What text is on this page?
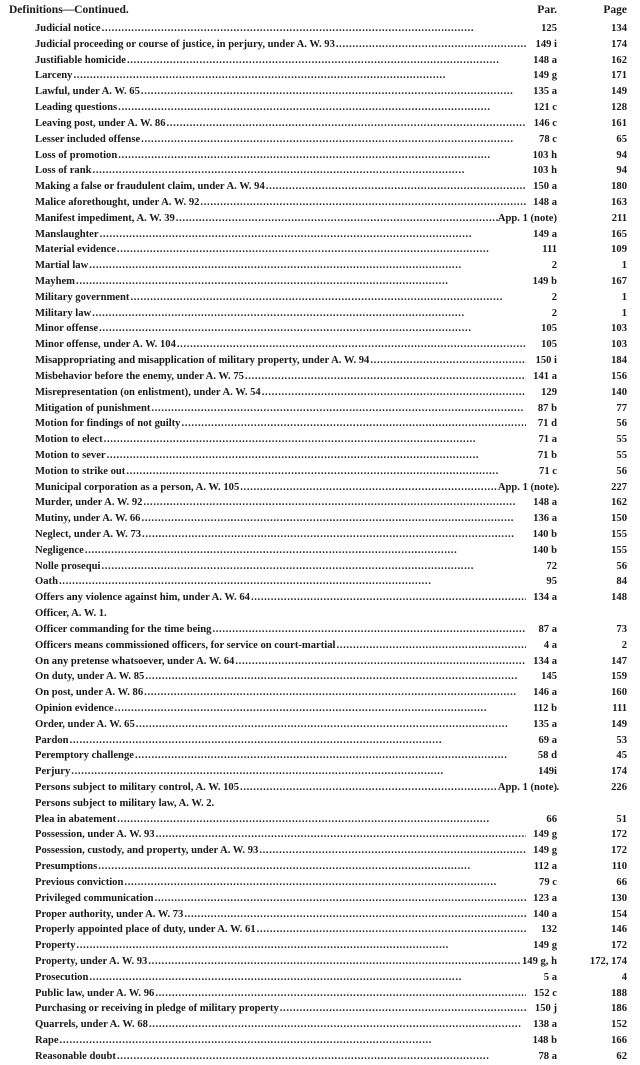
Definitions—Continued.	Par.	Page
Judicial notice . . .	125	134
Judicial proceeding or course of justice, in perjury, under A. W. 93 . . .	149 i	174
Justifiable homicide . . .	148 a	162
Larceny . . .	149 g	171
Lawful, under A. W. 65 . . .	135 a	149
Leading questions . . .	121 c	128
Leaving post, under A. W. 86 . . .	146 c	161
Lesser included offense . . .	78 c	65
Loss of promotion . . .	103 h	94
Loss of rank . . .	103 h	94
Making a false or fraudulent claim, under A. W. 94 . . .	150 a	180
Malice aforethought, under A. W. 92 . . .	148 a	163
Manifest impediment, A. W. 39 . . .	App. 1 (note)	211
Manslaughter . . .	149 a	165
Material evidence . . .	111	109
Martial law . . .	2	1
Mayhem . . .	149 b	167
Military government . . .	2	1
Military law . . .	2	1
Minor offense . . .	105	103
Minor offense, under A. W. 104 . . .	105	103
Misappropriating and misapplication of military property, under A. W. 94 . . .	150 i	184
Misbehavior before the enemy, under A. W. 75 . . .	141 a	156
Misrepresentation (on enlistment), under A. W. 54 . . .	129	140
Mitigation of punishment . . .	87 b	77
Motion for findings of not guilty . . .	71 d	56
Motion to elect . . .	71 a	55
Motion to sever . . .	71 b	55
Motion to strike out . . .	71 c	56
Municipal corporation as a person, A. W. 105 . . .	App. 1 (note)	227
Murder, under A. W. 92 . . .	148 a	162
Mutiny, under A. W. 66 . . .	136 a	150
Neglect, under A. W. 73 . . .	140 b	155
Negligence . . .	140 b	155
Nolle prosequi . . .	72	56
Oath . . .	95	84
Offers any violence against him, under A. W. 64 . . .	134 a	148
Officer, A. W. 1.
Officer commanding for the time being . . .	87 a	73
Officers means commissioned officers, for service on court-martial . . .	4 a	2
On any pretense whatsoever, under A. W. 64 . . .	134 a	147
On duty, under A. W. 85 . . .	145	159
On post, under A. W. 86 . . .	146 a	160
Opinion evidence . . .	112 b	111
Order, under A. W. 65 . . .	135 a	149
Pardon . . .	69 a	53
Peremptory challenge . . .	58 d	45
Perjury . . .	149i	174
Persons subject to military control, A. W. 105 . . .	App. 1 (note)	226
Persons subject to military law, A. W. 2.
Plea in abatement . . .	66	51
Possession, under A. W. 93 . . .	149 g	172
Possession, custody, and property, under A. W. 93 . . .	149 g	172
Presumptions . . .	112 a	110
Previous conviction . . .	79 c	66
Privileged communication . . .	123 a	130
Proper authority, under A. W. 73 . . .	140 a	154
Properly appointed place of duty, under A. W. 61 . . .	132	146
Property . . .	149 g	172
Property, under A. W. 93 . . .	149 g, h	172, 174
Prosecution . . .	5 a	4
Public law, under A. W. 96 . . .	152 c	188
Purchasing or receiving in pledge of military property . . .	150 j	186
Quarrels, under A. W. 68 . . .	138 a	152
Rape . . .	148 b	166
Reasonable doubt . . .	78 a	62
